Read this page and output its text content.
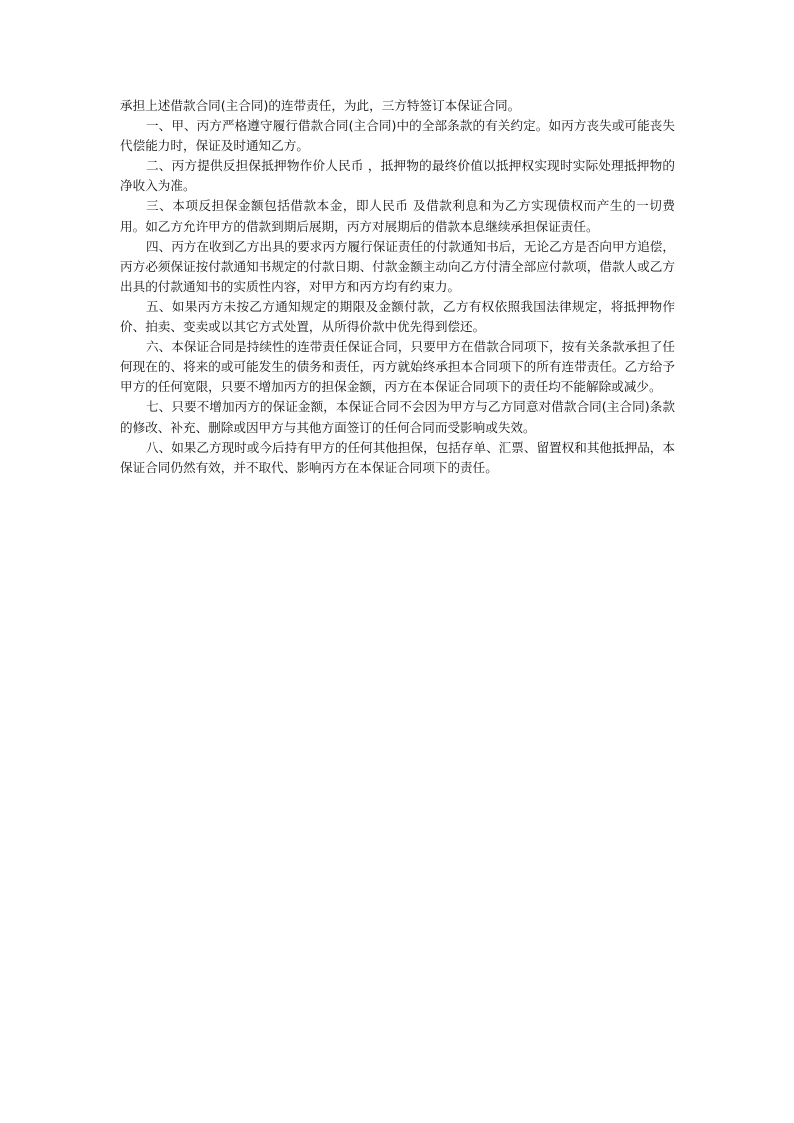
承担上述借款合同(主合同)的连带责任，为此，三方特签订本保证合同。

一、甲、丙方严格遵守履行借款合同(主合同)中的全部条款的有关约定。如丙方丧失或可能丧失代偿能力时，保证及时通知乙方。

二、丙方提供反担保抵押物作价人民币 ，抵押物的最终价值以抵押权实现时实际处理抵押物的净收入为准。

三、本项反担保金额包括借款本金，即人民币 及借款利息和为乙方实现债权而产生的一切费用。如乙方允许甲方的借款到期后展期，丙方对展期后的借款本息继续承担保证责任。

四、丙方在收到乙方出具的要求丙方履行保证责任的付款通知书后，无论乙方是否向甲方追偿，丙方必须保证按付款通知书规定的付款日期、付款金额主动向乙方付清全部应付款项，借款人或乙方出具的付款通知书的实质性内容，对甲方和丙方均有约束力。

五、如果丙方未按乙方通知规定的期限及金额付款，乙方有权依照我国法律规定，将抵押物作价、拍卖、变卖或以其它方式处置，从所得价款中优先得到偿还。

六、本保证合同是持续性的连带责任保证合同，只要甲方在借款合同项下，按有关条款承担了任何现在的、将来的或可能发生的债务和责任，丙方就始终承担本合同项下的所有连带责任。乙方给予甲方的任何宽限，只要不增加丙方的担保金额，丙方在本保证合同项下的责任均不能解除或减少。

七、只要不增加丙方的保证金额，本保证合同不会因为甲方与乙方同意对借款合同(主合同)条款的修改、补充、删除或因甲方与其他方面签订的任何合同而受影响或失效。

八、如果乙方现时或今后持有甲方的任何其他担保，包括存单、汇票、留置权和其他抵押品，本保证合同仍然有效，并不取代、影响丙方在本保证合同项下的责任。
